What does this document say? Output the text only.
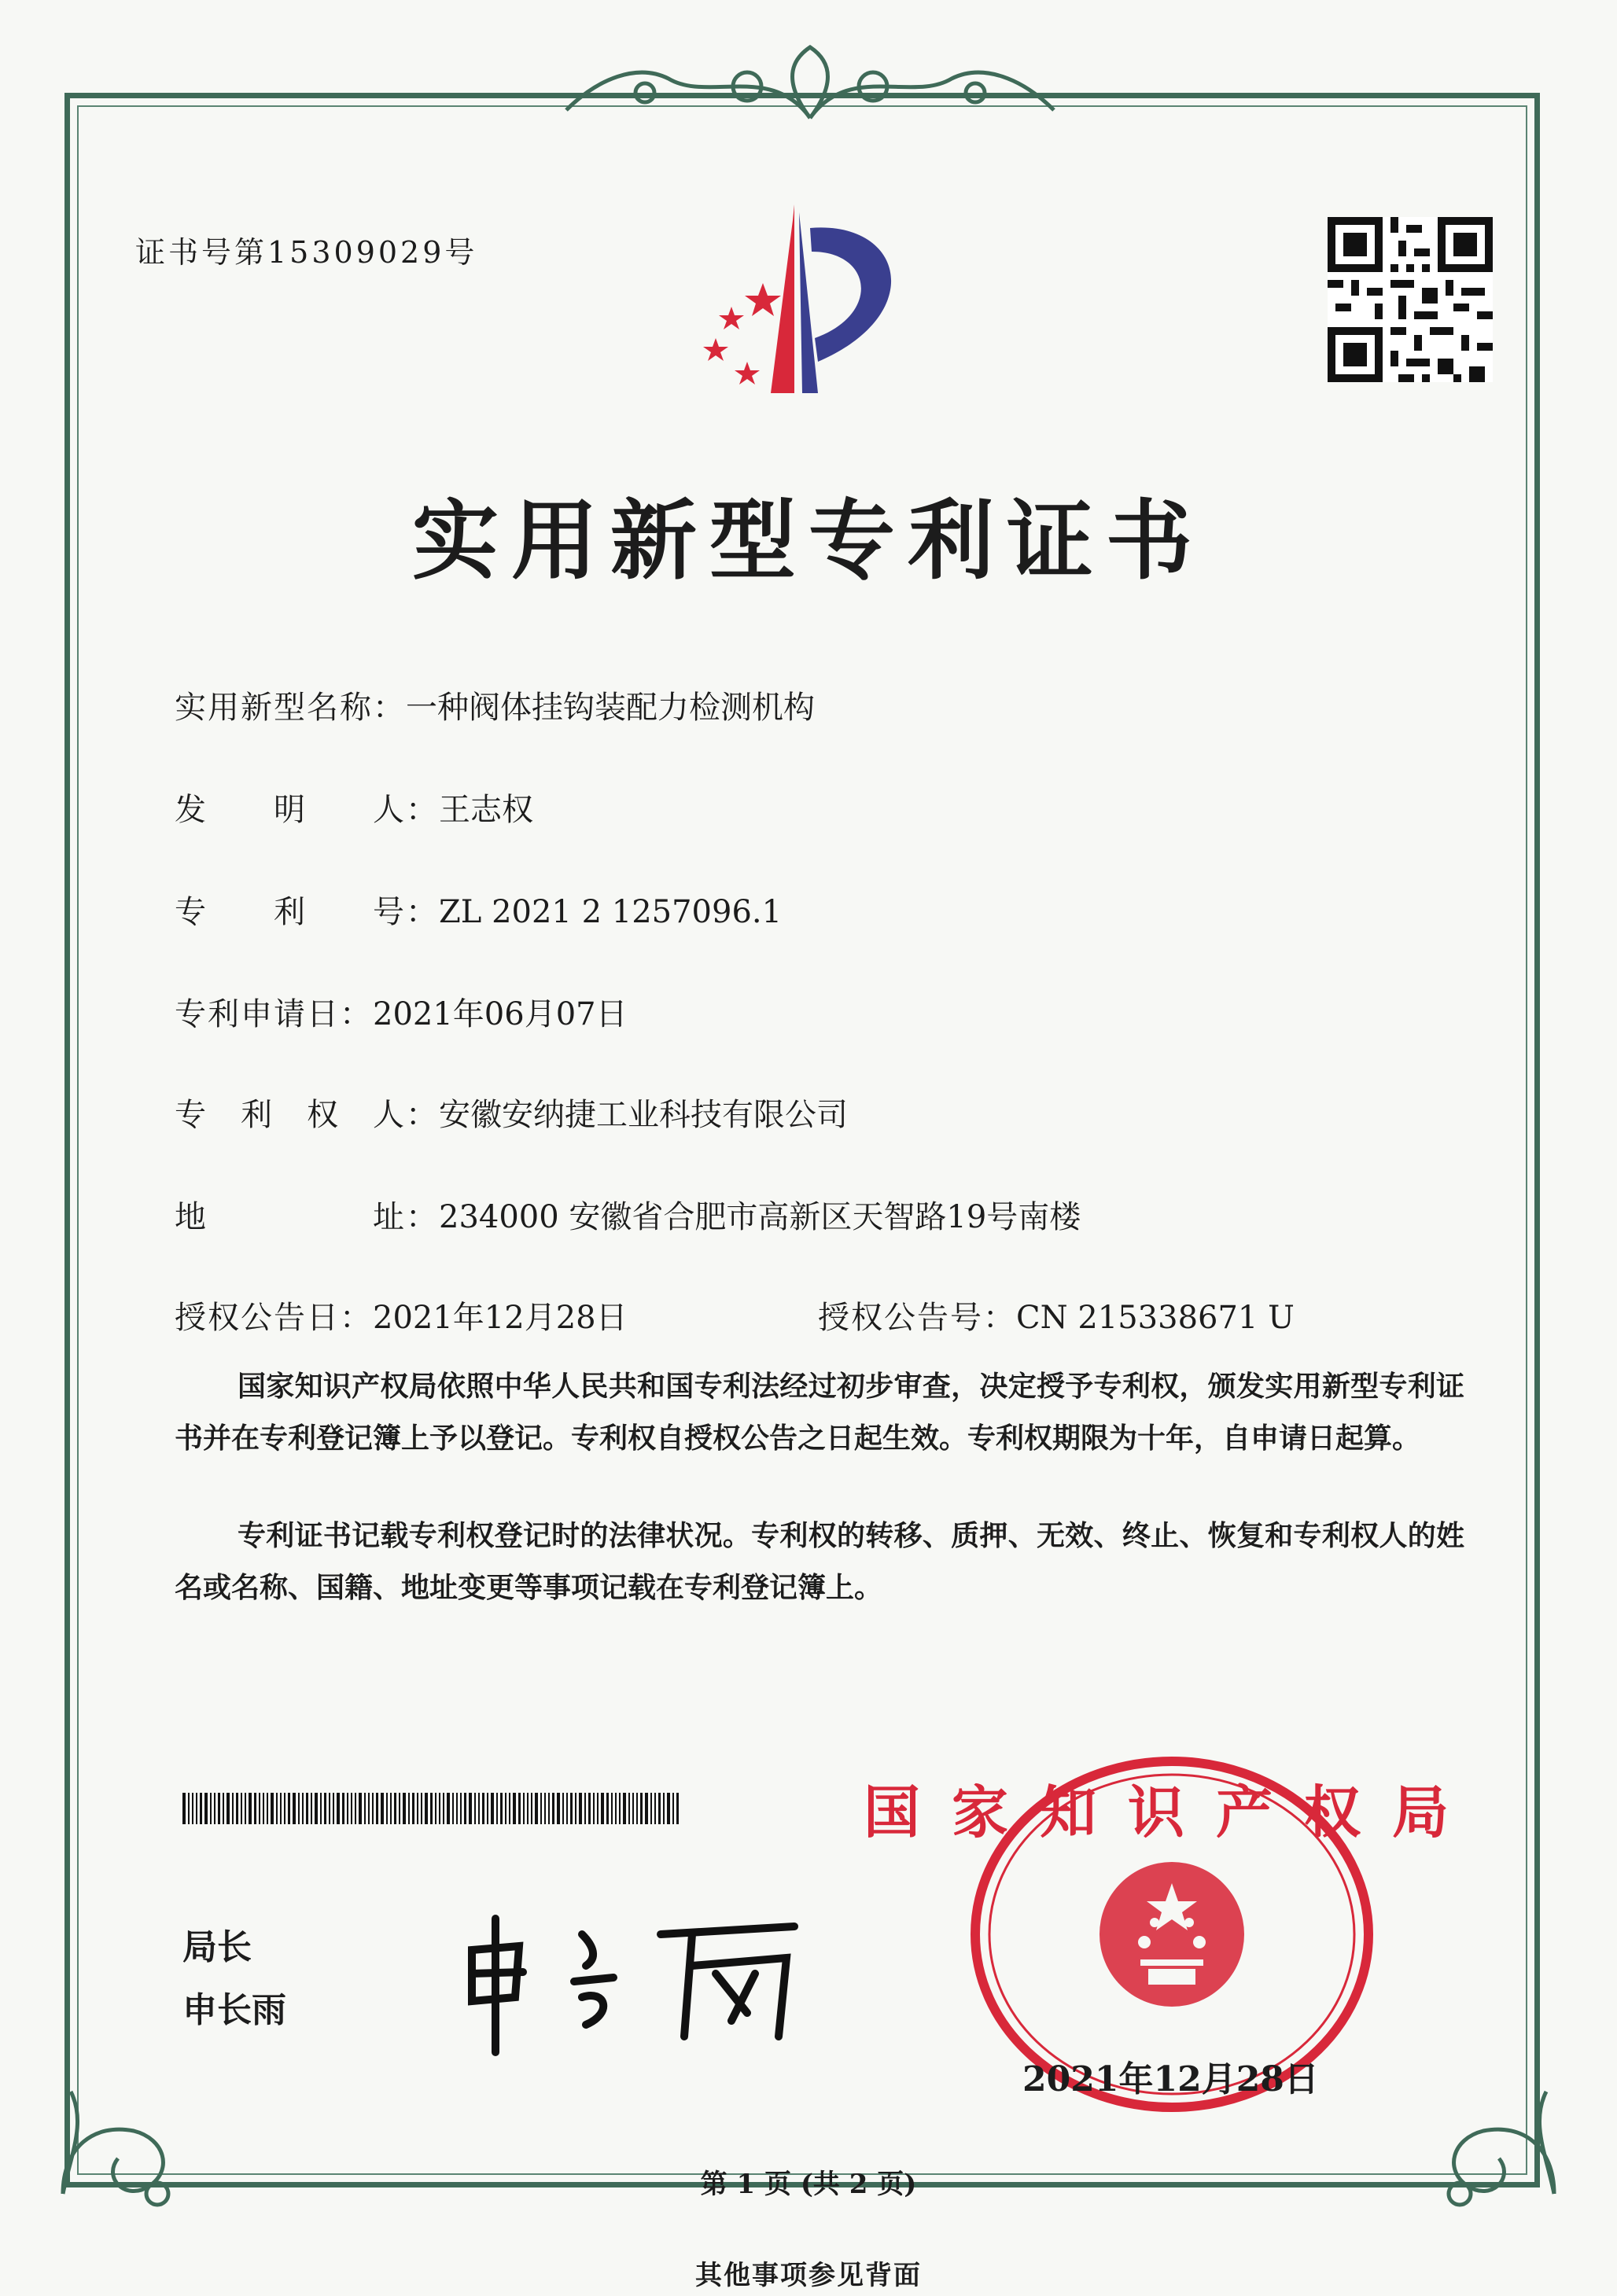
证书号第15309029号
实用新型专利证书
实用新型名称：一种阀体挂钩装配力检测机构
发　　明　　人：王志权
专　　利　　号：ZL 2021 2 1257096.1
专利申请日：2021年06月07日
专　利　权　人：安徽安纳捷工业科技有限公司
地　　　　　址：234000 安徽省合肥市高新区天智路19号南楼
授权公告日：2021年12月28日	授权公告号：CN 215338671 U
国家知识产权局依照中华人民共和国专利法经过初步审查，决定授予专利权，颁发实用新型专利证书并在专利登记簿上予以登记。专利权自授权公告之日起生效。专利权期限为十年，自申请日起算。
专利证书记载专利权登记时的法律状况。专利权的转移、质押、无效、终止、恢复和专利权人的姓名或名称、国籍、地址变更等事项记载在专利登记簿上。
局长
申长雨
国家知识产权局
2021年12月28日
第 1 页 (共 2 页)
其他事项参见背面
